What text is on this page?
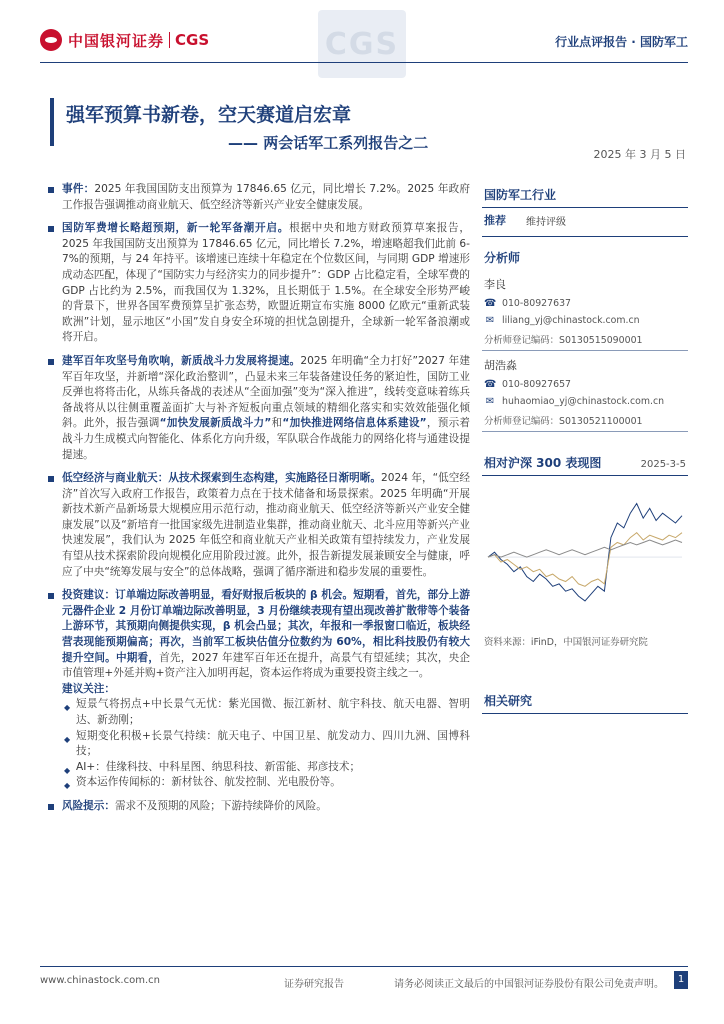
中国银河证券 CGS	CGS	行业点评报告 · 国防军工
强军预算书新卷，空天赛道启宏章
—— 两会话军工系列报告之二
2025 年 3 月 5 日
事件：2025 年我国国防支出预算为 17846.65 亿元，同比增长 7.2%。2025 年政府工作报告强调推动商业航天、低空经济等新兴产业安全健康发展。
国防军费增长略超预期，新一轮军备潮开启。根据中央和地方财政预算草案报告，2025 年我国国防支出预算为 17846.65 亿元，同比增长 7.2%，增速略超我们此前 6-7%的预期，与 24 年持平。该增速已连续十年稳定在个位数区间，与同期 GDP 增速形成动态匹配，体现了“国防实力与经济实力的同步提升”：GDP 占比稳定看，全球军费的 GDP 占比约为 2.5%，而我国仅为 1.32%，且长期低于 1.5%。在全球安全形势严峻的背景下，世界各国军费预算呈扩张态势，欧盟近期宣布实施 8000 亿欧元“重新武装欧洲”计划，显示地区“小国”发自身安全环境的担忧急剧提升，全球新一轮军备浪潮或将开启。
建军百年攻坚号角吹响，新质战斗力发展将提速。2025 年明确“全力打好”2027 年建军百年攻坚，并新增“深化政治整训”，凸显未来三年装备建设任务的紧迫性，国防工业反弹也将将击化，从练兵备战的表述从“全面加强”变为“深入推进”，线转变意味着练兵备战将从以往侧重覆盖面扩大与补齐短板向重点领域的精细化落实和实效效能强化倾斜。此外，报告强调“加快发展新质战斗力”和“加快推进网络信息体系建设”，预示着战斗力生成模式向智能化、体系化方向升级，军队联合作战能力的网络化将与通建设提提速。
低空经济与商业航天：从技术探索到生态构建，实施路径日渐明晰。2024 年，“低空经济”首次写入政府工作报告，政策着力点在于技术储备和场景探索。2025 年明确“开展新技术新产品新场景大规模应用示范行动，推动商业航天、低空经济等新兴产业安全健康发展”以及“新培育一批国家级先进制造业集群，推动商业航天、北斗应用等新兴产业快速发展”，我们认为 2025 年低空和商业航天产业相关政策有望持续发力，产业发展有望从技术探索阶段向规模化应用阶段过渡。此外，报告新提发展兼顾安全与健康，呼应了中央“统筹发展与安全”的总体战略，强调了循序渐进和稳步发展的重要性。
投资建议：订单端边际改善明显，看好财报后板块的 β 机会。短期看，首先，部分上游元器件企业 2 月份订单端边际改善明显，3 月份继续表现有望出现改善扩散带等个装备上游环节，其预期向侧提供实现，β 机会凸显；其次，年报和一季报窗口临近，板块经营表现能预期偏高；再次，当前军工板块估值分位数约为 60%，相比科技股仍有较大提升空间。中期看，首先，2027 年建军百年还在提升，高景气有望延续；其次，央企市值管理+外延并购+资产注入加明再起，资本运作将成为重要投资主线之一。
建议关注：
◆ 短景气将拐点+中长景气无忧：紫光国微、振江新材、航宇科技、航天电器、智明达、新劲刚；
◆ 短期变化积极+长景气持续：航天电子、中国卫星、航发动力、四川九洲、国博科技；
◆ AI+：佳缘科技、中科星图、纳思科技、新雷能、邦彦技术；
◆ 资本运作传闻标的：新材钛谷、航发控制、光电股份等。
风险提示：需求不及预期的风险；下游持续降价的风险。
国防军工行业
推荐 维持评级
分析师
李良
☎ 010-80927637
✉ liliang_yj@chinastock.com.cn
分析师登记编码：S0130515090001
胡浩淼
☎ 010-80927657
✉ huhaomiao_yj@chinastock.com.cn
分析师登记编码：S0130521100001
相对沪深 300 表现图	2025-3-5
资料来源：iFinD，中国银河证券研究院
相关研究
www.chinastock.com.cn	证券研究报告	请务必阅读正文最后的中国银河证券股份有限公司免责声明。	1
